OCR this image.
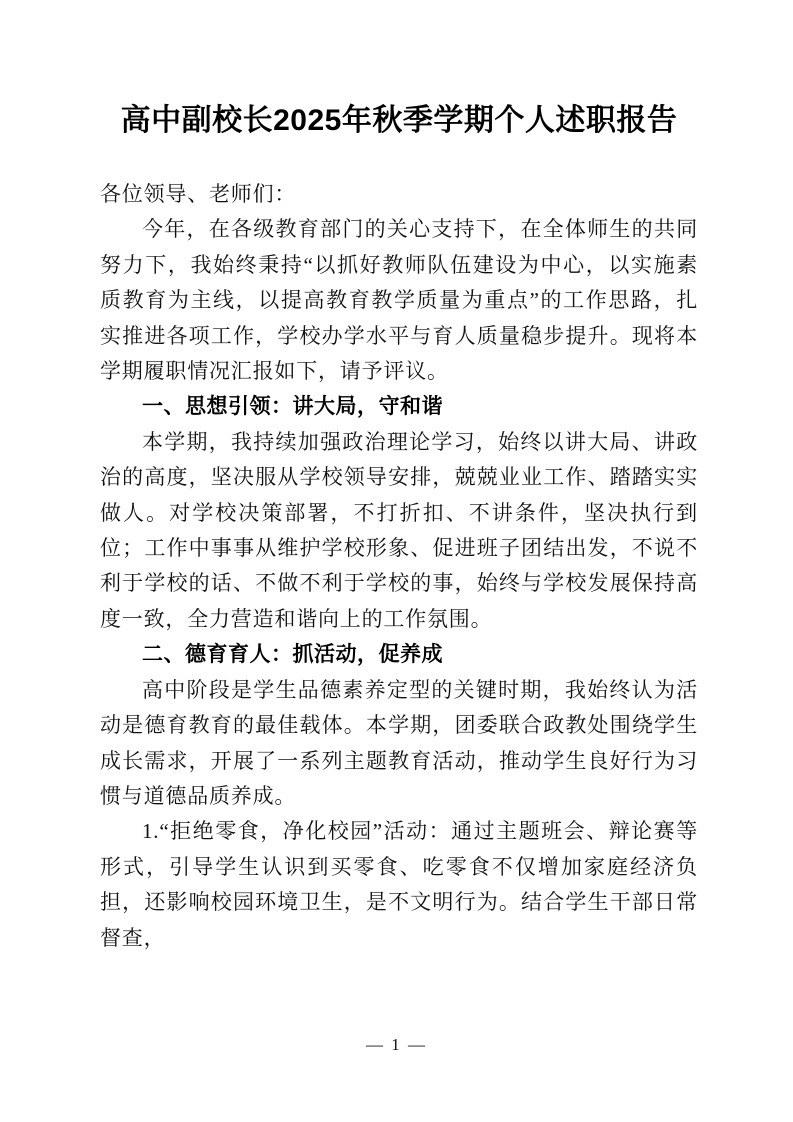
高中副校长2025年秋季学期个人述职报告

各位领导、老师们：

今年，在各级教育部门的关心支持下，在全体师生的共同努力下，我始终秉持“以抓好教师队伍建设为中心，以实施素质教育为主线，以提高教育教学质量为重点”的工作思路，扎实推进各项工作，学校办学水平与育人质量稳步提升。现将本学期履职情况汇报如下，请予评议。

一、思想引领：讲大局，守和谐

本学期，我持续加强政治理论学习，始终以讲大局、讲政治的高度，坚决服从学校领导安排，兢兢业业工作、踏踏实实做人。对学校决策部署，不打折扣、不讲条件，坚决执行到位；工作中事事从维护学校形象、促进班子团结出发，不说不利于学校的话、不做不利于学校的事，始终与学校发展保持高度一致，全力营造和谐向上的工作氛围。

二、德育育人：抓活动，促养成

高中阶段是学生品德素养定型的关键时期，我始终认为活动是德育教育的最佳载体。本学期，团委联合政教处围绕学生成长需求，开展了一系列主题教育活动，推动学生良好行为习惯与道德品质养成。

1.“拒绝零食，净化校园”活动：通过主题班会、辩论赛等形式，引导学生认识到买零食、吃零食不仅增加家庭经济负担，还影响校园环境卫生，是不文明行为。结合学生干部日常督查，

— 1 —
